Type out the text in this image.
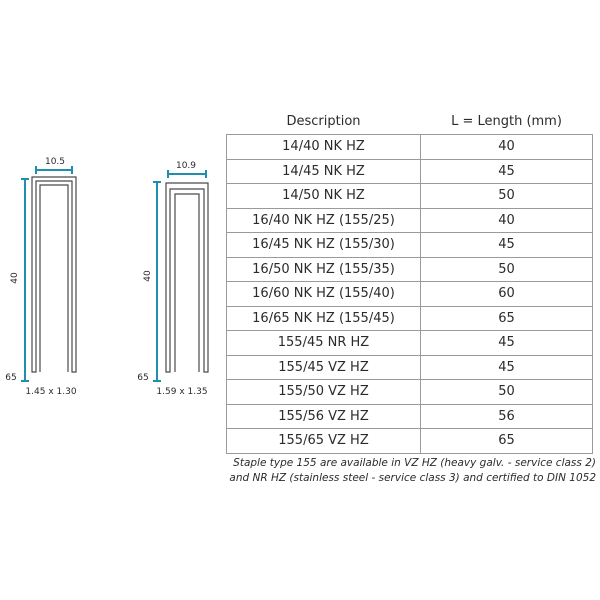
10.5
40
65
1.45 x 1.30
10.9
40
65
1.59 x 1.35
Description	L = Length (mm)
14/40 NK HZ	40
14/45 NK HZ	45
14/50 NK HZ	50
16/40 NK HZ (155/25)	40
16/45 NK HZ (155/30)	45
16/50 NK HZ (155/35)	50
16/60 NK HZ (155/40)	60
16/65 NK HZ (155/45)	65
155/45 NR HZ	45
155/45 VZ HZ	45
155/50 VZ HZ	50
155/56 VZ HZ	56
155/65 VZ HZ	65

Staple type 155 are available in VZ HZ (heavy galv. - service class 2)
and NR HZ (stainless steel - service class 3) and certified to DIN 1052
